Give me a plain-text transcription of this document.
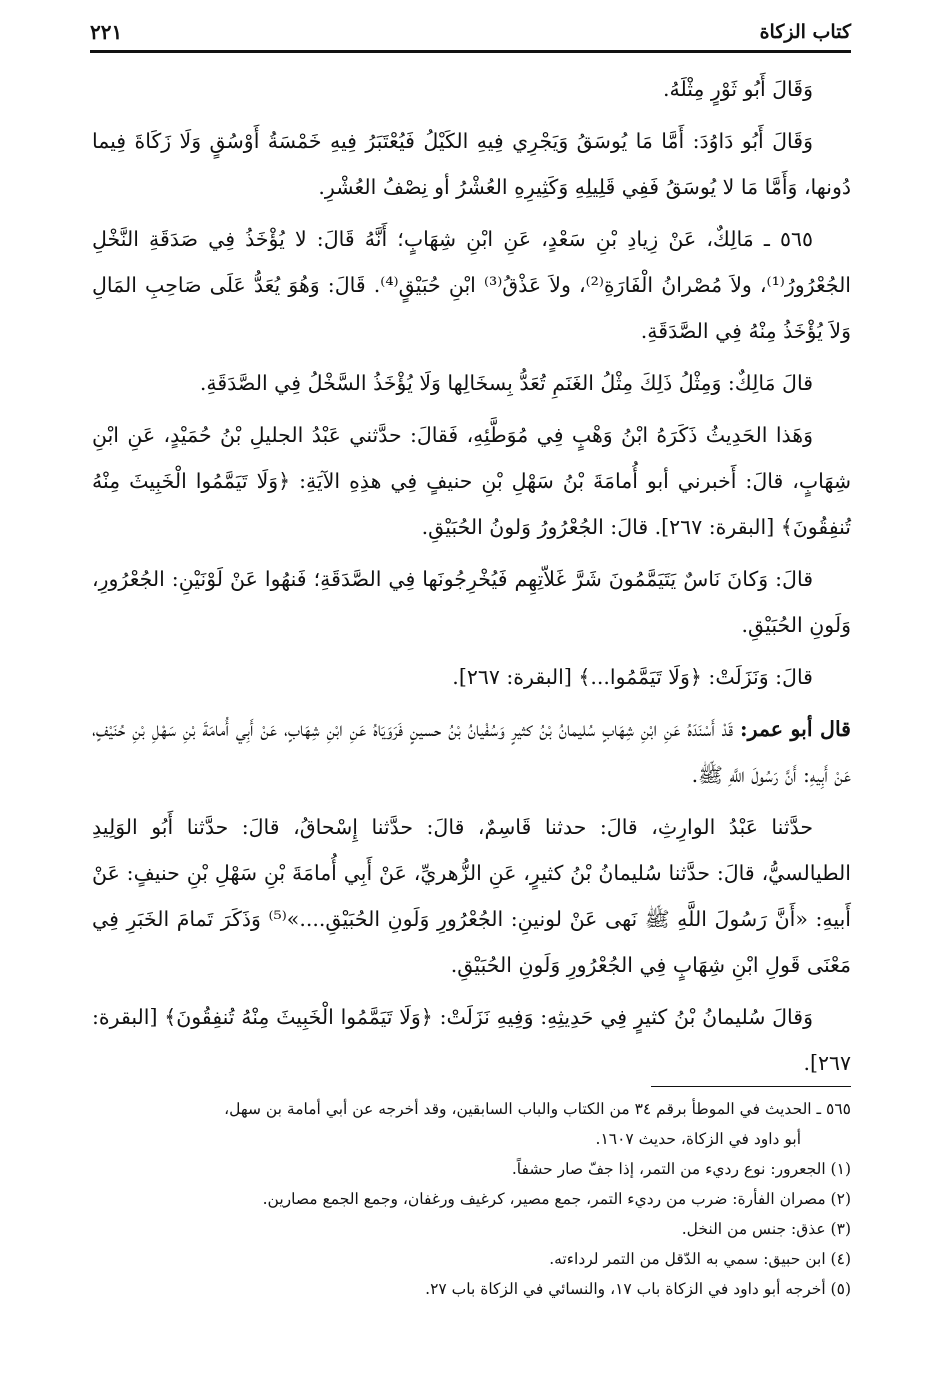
كتاب الزكاة
٢٢١

وَقَالَ أَبُو ثَوْرٍ مِثْلَهُ.

وَقَالَ أَبُو دَاوُدَ: أَمَّا مَا يُوسَقُ وَيَجْرِي فِيهِ الكَيْلُ فَيُعْتَبَرُ فِيهِ خَمْسَةُ أَوْسُقٍ وَلَا زَكَاةَ فِيما دُونها، وَأَمَّا مَا لا يُوسَقُ فَفِي قَلِيلِهِ وَكَثِيرِهِ العُشْرُ أو نِصْفُ العُشْرِ.

٥٦٥ ـ مَالِكٌ، عَنْ زِيادِ بْنِ سَعْدٍ، عَنِ ابْنِ شِهَابٍ؛ أَنَّهُ قَالَ: لا يُؤْخَذُ فِي صَدَقَةِ النَّخْلِ الجُعْرُورُ⁽¹⁾، ولاَ مُصْرانُ الْفَارَةِ⁽²⁾، ولاَ عَذْقُ⁽³⁾ ابْنِ حُبَيْقٍ⁽⁴⁾. قَالَ: وَهُوَ يُعَدُّ عَلَى صَاحِبِ المَالِ وَلاَ يُؤْخَذُ مِنْهُ فِي الصَّدَقَةِ.

قالَ مَالِكٌ: وَمِثْلُ ذَلِكَ مِثْلُ الغَنَمِ تُعَدُّ بِسخَالِها وَلَا يُؤْخَذُ السَّخْلُ فِي الصَّدَقَةِ.

وَهَذا الحَدِيثُ ذَكَرَهُ ابْنُ وَهْبٍ فِي مُوَطَّئِهِ، فَقالَ: حدَّثني عَبْدُ الجليلِ بْنُ حُمَيْدٍ، عَنِ ابْنِ شِهَابٍ، قالَ: أَخبرني أبو أُمامَةَ بْنُ سَهْلِ بْنِ حنيفٍ فِي هذِهِ الآيَةِ: ﴿وَلَا تَيَمَّمُوا الْخَبِيثَ مِنْهُ تُنفِقُونَ﴾ [البقرة: ٢٦٧]. قالَ: الجُعْرُورُ وَلونُ الحُبَيْقِ.

قالَ: وَكانَ نَاسٌ يَتَيَمَّمُونَ شَرَّ غَلاّتِهِم فَيُخْرِجُونَها فِي الصَّدَقَةِ؛ فَنهُوا عَنْ لَوْنَيْنِ: الجُعْرُورِ، وَلَونِ الحُبَيْقِ.

قالَ: وَنَزَلَتْ: ﴿وَلَا تَيَمَّمُوا...﴾ [البقرة: ٢٦٧].

قال أبو عمر: قَدْ أَسْنَدَهُ عَنِ ابْنِ شِهَابٍ سُليمانُ بْنُ كثيرٍ وَسُفْيانُ بْنُ حسينٍ فَرَوَيَاهُ عَنِ ابْنِ شِهَابٍ، عَنْ أَبِي أُمامَةَ بْنِ سَهْلِ بْنِ حُنَيْفٍ، عَنْ أَبِيهِ: أَنَّ رَسُولَ اللَّهِ ﷺ.

حدَّثنا عَبْدُ الوارِثِ، قالَ: حدثنا قَاسِمٌ، قالَ: حدَّثنا إِسْحاقُ، قالَ: حدَّثنا أَبُو الوَلِيدِ الطيالسيُّ، قالَ: حدَّثنا سُليمانُ بْنُ كثيرٍ، عَنِ الزُّهريِّ، عَنْ أَبِي أُمامَةَ بْنِ سَهْلِ بْنِ حنيفٍ: عَنْ أَبيهِ: «أَنَّ رَسُولَ اللَّهِ ﷺ نَهى عَنْ لونينِ: الجُعْرُورِ وَلَونِ الحُبَيْقِ....»⁽⁵⁾ وَذَكَرَ تَمامَ الخَبَرِ فِي مَعْنَى قَولِ ابْنِ شِهَابٍ فِي الجُعْرُورِ وَلَونِ الحُبَيْقِ.

وَقالَ سُليمانُ بْنُ كثيرٍ فِي حَدِيثِهِ: وَفِيهِ نَزَلَتْ: ﴿وَلَا تَيَمَّمُوا الْخَبِيثَ مِنْهُ تُنفِقُونَ﴾ [البقرة: ٢٦٧].

٥٦٥ ـ الحديث في الموطأ برقم ٣٤ من الكتاب والباب السابقين، وقد أخرجه عن أبي أمامة بن سهل،

أبو داود في الزكاة، حديث ١٦٠٧.

(١) الجعرور: نوع رديء من التمر، إذا جفّ صار حشفاً.

(٢) مصران الفأرة: ضرب من رديء التمر، جمع مصير، كرغيف ورغفان، وجمع الجمع مصارين.

(٣) عذق: جنس من النخل.

(٤) ابن حبيق: سمي به الدّقل من التمر لرداءته.

(٥) أخرجه أبو داود في الزكاة باب ١٧، والنسائي في الزكاة باب ٢٧.
